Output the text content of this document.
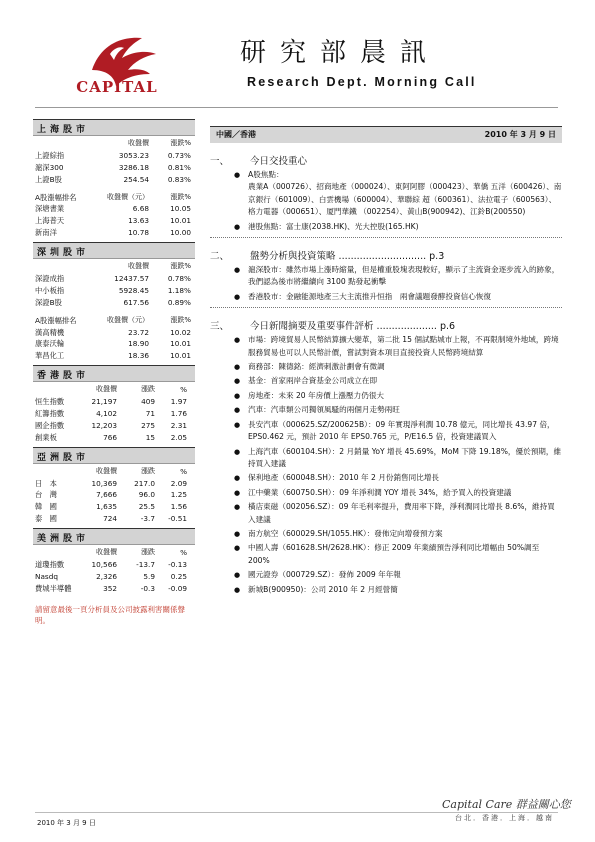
CAPITAL
研究部晨訊
Research Dept. Morning Call
上海股市
收盤價	漲跌%
上證綜指	3053.23	0.73%
滬深300	3286.18	0.81%
上證B股	254.54	0.83%
A股漲幅排名	收盤價（元）	漲跌%
深塘書業	6.68	10.05
上海普天	13.63	10.01
新南洋	10.78	10.00
深圳股市
收盤價	漲跌%
深證成指	12437.57	0.78%
中小板指	5928.45	1.18%
深證B股	617.56	0.89%
A股漲幅排名	收盤價（元）	漲跌%
漢高精機	23.72	10.02
康泰沃輪	18.90	10.01
華昌化工	18.36	10.01
香港股市
收盤價	漲跌	%
恒生指數	21,197	409	1.97
紅籌指數	4,102	71	1.76
國企指數	12,203	275	2.31
創業板	766	15	2.05
亞洲股市
收盤價	漲跌	%
日　本	10,369	217.0	2.09
台　灣	7,666	96.0	1.25
韓　國	1,635	25.5	1.56
泰　國	724	-3.7	-0.51
美洲股市
收盤價	漲跌	%
道瓊指數	10,566	-13.7	-0.13
Nasdq	2,326	5.9	0.25
費城半導體	352	-0.3	-0.09
請留意最後一頁分析員及公司披露利害關係聲明。
中國／香港	2010 年 3 月 9 日
一、	今日交投重心
● A股焦點：
農業A（000726）、招商地產（000024）、東阿阿膠（000423）、華僑 五洋（600426）、南京銀行（601009）、白雲機場（600004）、華聯綜 超（600361）、法拉電子（600563）、格力電器（000651）、厦門華鐵 （002254）、黃山B(900942)、江鈴B(200550)
● 港股焦點：富士康(2038.HK)、光大控股(165.HK)
二、	盤勢分析與投資策略 ............................. p.3
● 滬深股市：雖然市場上漲時縮量，但是權重股塊表現較好，顯示了主流資金逐步流入的跡象，我們認為後市將繼續向 3100 點發起衝擊
● 香港股市：金融能源地產三大主流推升恒指　兩會議題發酵投資信心恢復
三、	今日新聞摘要及重要事件評析 .................... p.6
● 市場：跨境貿易人民幣結算擴大變革，第二批 15 個試點城市上報，不再限制境外地域，跨境服務貿易也可以人民幣計價，嘗試對資本項目直接投資人民幣跨境結算
● 商務部：陳德銘：經濟刺激計劃會有微調
● 基金：首家兩岸合資基金公司成立在即
● 房地產：未來 20 年房價上漲壓力仍很大
● 汽車：汽車類公司獨領風騷的兩個月走勢兩旺
● 長安汽車（000625.SZ/200625B）：09 年實現淨利潤 10.78 億元，同比增長 43.97 倍，EPS0.462 元，預計 2010 年 EPS0.765 元，P/E16.5 倍，投資建議買入
● 上海汽車（600104.SH）：2 月銷量 YoY 增長 45.69%，MoM 下降 19.18%，優於預期，維持買入建議
● 保利地產（600048.SH）：2010 年 2 月份銷售同比增長
● 江中藥業（600750.SH）：09 年淨利潤 YOY 增長 34%，給予買入的投資建議
● 橫店東磁（002056.SZ）：09 年毛利率提升，費用率下降，淨利潤同比增長 8.6%，維持買入建議
● 南方航空（600029.SH/1055.HK）：發佈定向增發預方案
● 中國人壽（601628.SH/2628.HK）：修正 2009 年業績預告淨利同比增幅由 50%調至 200%
● 國元證券（000729.SZ）：發佈 2009 年年報
● 新城B(900950)：公司 2010 年 2 月經營簡
Capital Care 群益關心您
2010 年 3 月 9 日
台北．香港．上海．越南
